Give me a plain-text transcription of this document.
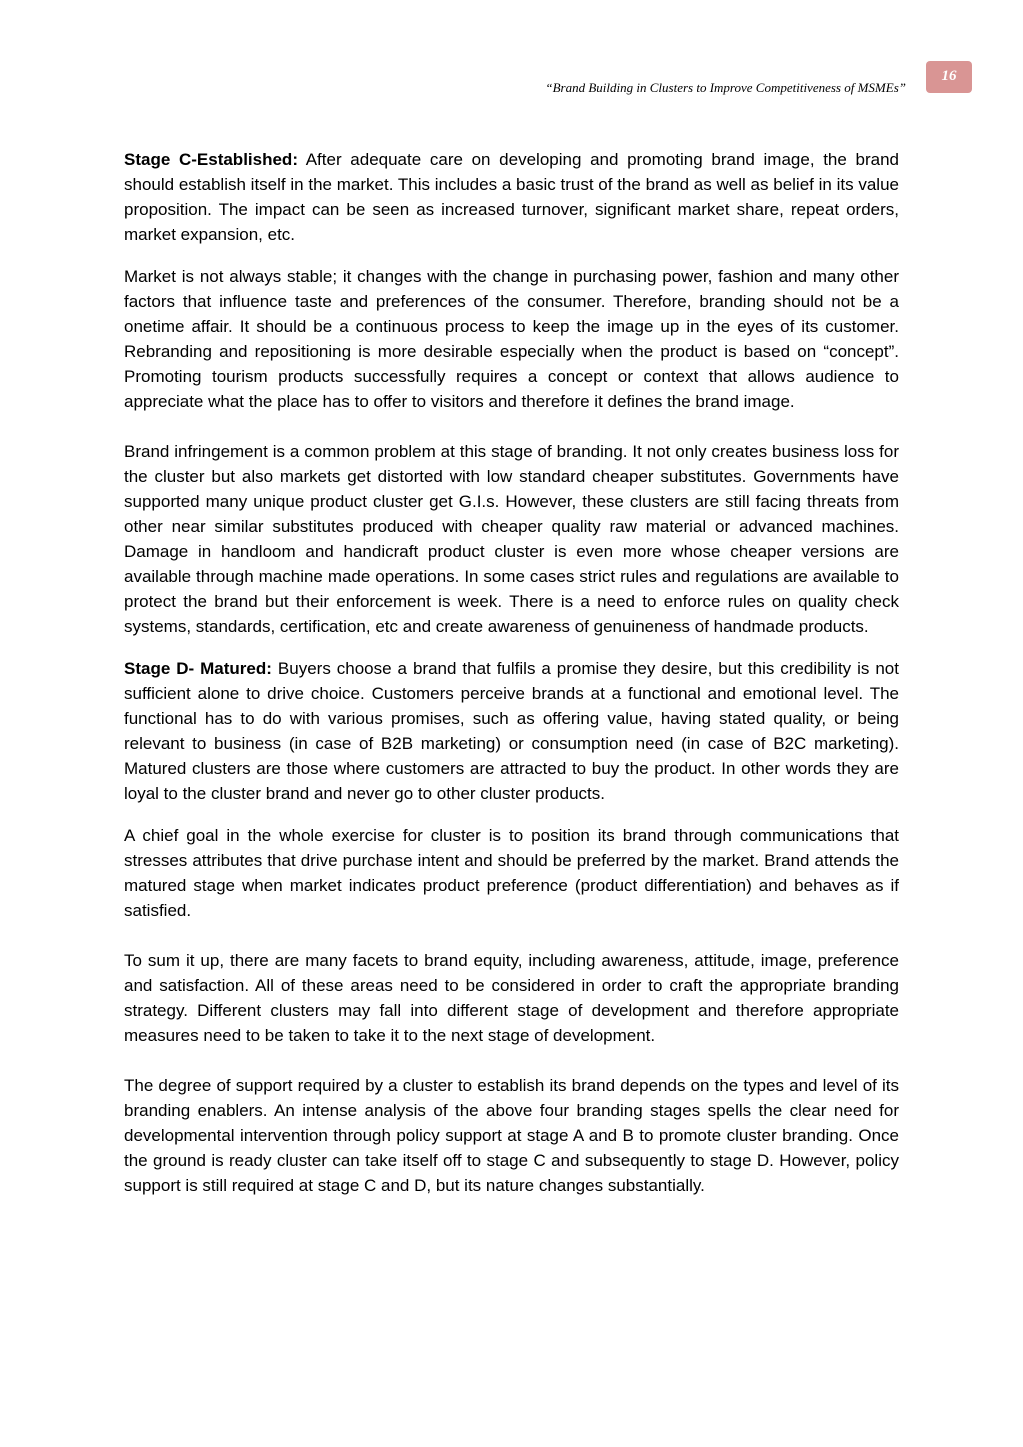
“Brand Building in Clusters to Improve Competitiveness of MSMEs”
16

Stage C-Established: After adequate care on developing and promoting brand image, the brand should establish itself in the market. This includes a basic trust of the brand as well as belief in its value proposition. The impact can be seen as increased turnover, significant market share, repeat orders, market expansion, etc.

Market is not always stable; it changes with the change in purchasing power, fashion and many other factors that influence taste and preferences of the consumer. Therefore, branding should not be a onetime affair. It should be a continuous process to keep the image up in the eyes of its customer. Rebranding and repositioning is more desirable especially when the product is based on “concept”. Promoting tourism products successfully requires a concept or context that allows audience to appreciate what the place has to offer to visitors and therefore it defines the brand image.

Brand infringement is a common problem at this stage of branding. It not only creates business loss for the cluster but also markets get distorted with low standard cheaper substitutes. Governments have supported many unique product cluster get G.I.s. However, these clusters are still facing threats from other near similar substitutes produced with cheaper quality raw material or advanced machines. Damage in handloom and handicraft product cluster is even more whose cheaper versions are available through machine made operations. In some cases strict rules and regulations are available to protect the brand but their enforcement is week. There is a need to enforce rules on quality check systems, standards, certification, etc and create awareness of genuineness of handmade products.

Stage D- Matured: Buyers choose a brand that fulfils a promise they desire, but this credibility is not sufficient alone to drive choice. Customers perceive brands at a functional and emotional level. The functional has to do with various promises, such as offering value, having stated quality, or being relevant to business (in case of B2B marketing) or consumption need (in case of B2C marketing). Matured clusters are those where customers are attracted to buy the product. In other words they are loyal to the cluster brand and never go to other cluster products.

A chief goal in the whole exercise for cluster is to position its brand through communications that stresses attributes that drive purchase intent and should be preferred by the market. Brand attends the matured stage when market indicates product preference (product differentiation) and behaves as if satisfied.

To sum it up, there are many facets to brand equity, including awareness, attitude, image, preference and satisfaction. All of these areas need to be considered in order to craft the appropriate branding strategy. Different clusters may fall into different stage of development and therefore appropriate measures need to be taken to take it to the next stage of development.

The degree of support required by a cluster to establish its brand depends on the types and level of its branding enablers. An intense analysis of the above four branding stages spells the clear need for developmental intervention through policy support at stage A and B to promote cluster branding. Once the ground is ready cluster can take itself off to stage C and subsequently to stage D. However, policy support is still required at stage C and D, but its nature changes substantially.
